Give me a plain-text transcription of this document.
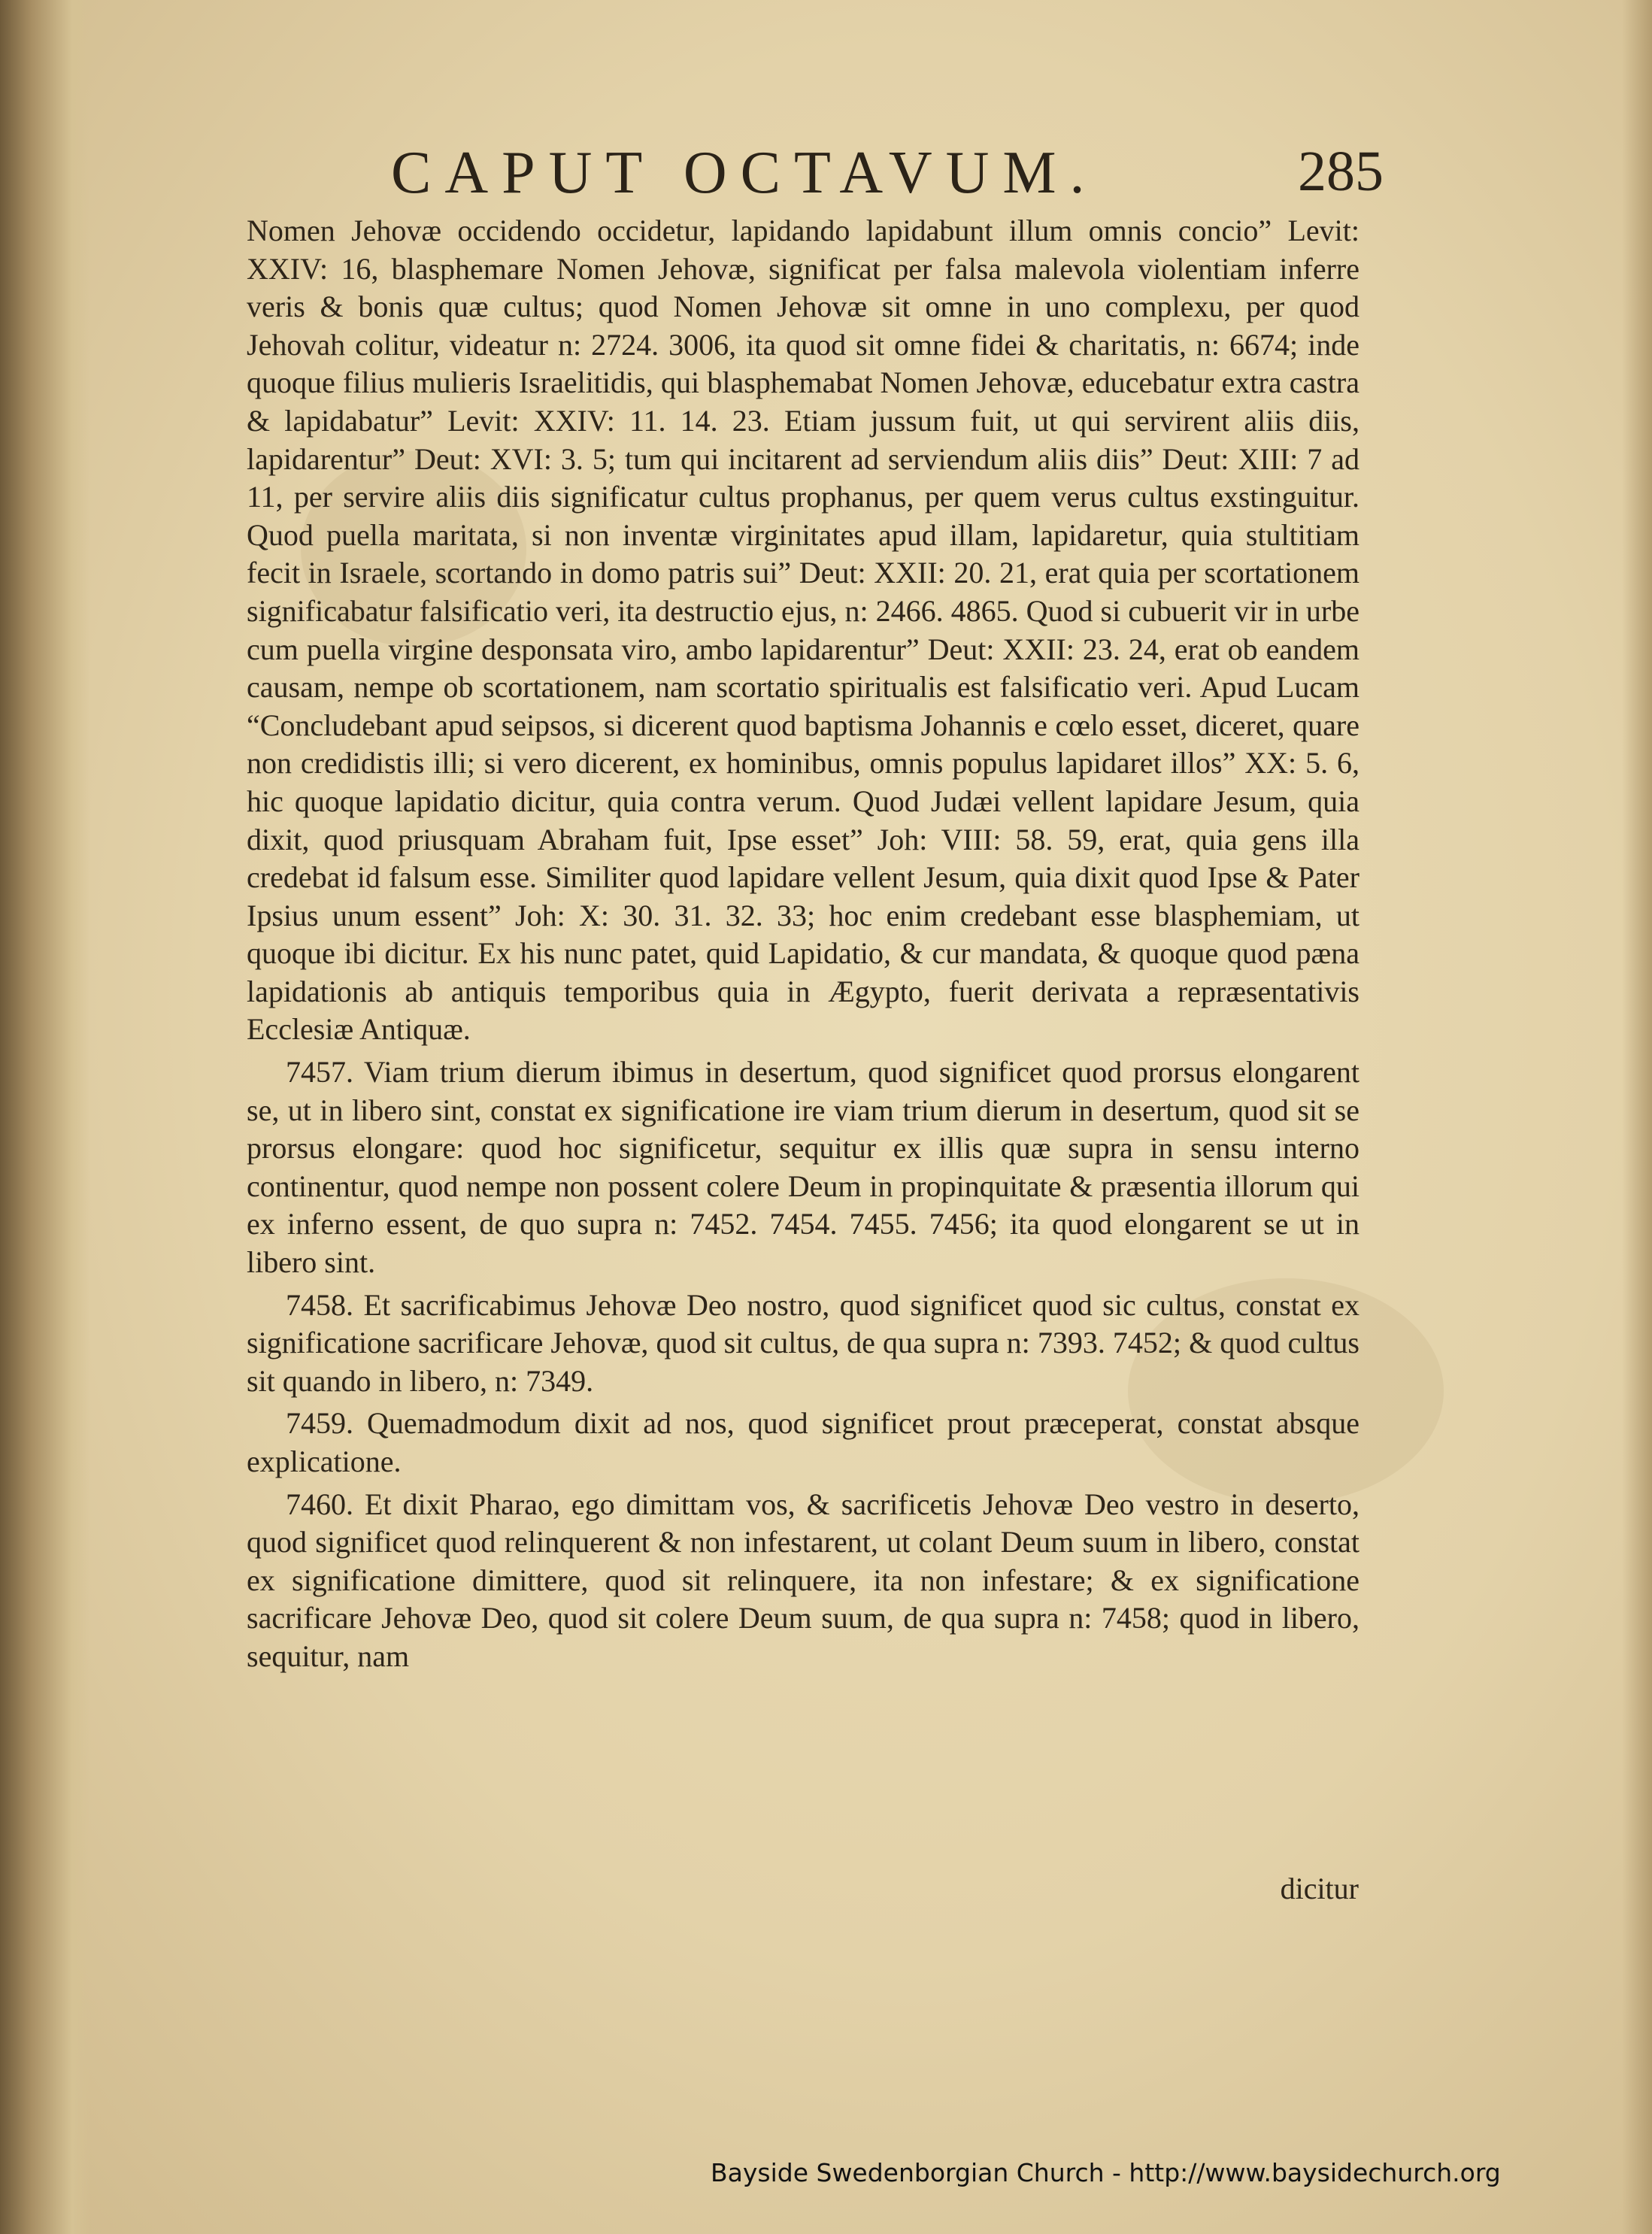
CAPUT OCTAVUM.	285

Nomen Jehovæ occidendo occidetur, lapidando lapidabunt illum omnis concio” Levit: XXIV: 16, blasphemare Nomen Jehovæ, significat per falsa malevola violentiam inferre veris & bonis quæ cultus; quod Nomen Jehovæ sit omne in uno complexu, per quod Jehovah colitur, videatur n: 2724. 3006, ita quod sit omne fidei & charitatis, n: 6674; inde quoque filius mulieris Israelitidis, qui blasphemabat Nomen Jehovæ, educebatur extra castra & lapidabatur” Levit: XXIV: 11. 14. 23. Etiam jussum fuit, ut qui servirent aliis diis, lapidarentur” Deut: XVI: 3. 5; tum qui incitarent ad serviendum aliis diis” Deut: XIII: 7 ad 11, per servire aliis diis significatur cultus prophanus, per quem verus cultus exstinguitur. Quod puella maritata, si non inventæ virginitates apud illam, lapidaretur, quia stultitiam fecit in Israele, scortando in domo patris sui” Deut: XXII: 20. 21, erat quia per scortationem significabatur falsificatio veri, ita destructio ejus, n: 2466. 4865. Quod si cubuerit vir in urbe cum puella virgine desponsata viro, ambo lapidarentur” Deut: XXII: 23. 24, erat ob eandem causam, nempe ob scortationem, nam scortatio spiritualis est falsificatio veri. Apud Lucam “Concludebant apud seipsos, si dicerent quod baptisma Johannis e cœlo esset, diceret, quare non credidistis illi; si vero dicerent, ex hominibus, omnis populus lapidaret illos” XX: 5. 6, hic quoque lapidatio dicitur, quia contra verum. Quod Judæi vellent lapidare Jesum, quia dixit, quod priusquam Abraham fuit, Ipse esset” Joh: VIII: 58. 59, erat, quia gens illa credebat id falsum esse. Similiter quod lapidare vellent Jesum, quia dixit quod Ipse & Pater Ipsius unum essent” Joh: X: 30. 31. 32. 33; hoc enim credebant esse blasphemiam, ut quoque ibi dicitur. Ex his nunc patet, quid Lapidatio, & cur mandata, & quoque quod pæna lapidationis ab antiquis temporibus quia in Ægypto, fuerit derivata a repræsentativis Ecclesiæ Antiquæ.

7457. Viam trium dierum ibimus in desertum, quod significet quod prorsus elongarent se, ut in libero sint, constat ex significatione ire viam trium dierum in desertum, quod sit se prorsus elongare: quod hoc significetur, sequitur ex illis quæ supra in sensu interno continentur, quod nempe non possent colere Deum in propinquitate & præsentia illorum qui ex inferno essent, de quo supra n: 7452. 7454. 7455. 7456; ita quod elongarent se ut in libero sint.

7458. Et sacrificabimus Jehovæ Deo nostro, quod significet quod sic cultus, constat ex significatione sacrificare Jehovæ, quod sit cultus, de qua supra n: 7393. 7452; & quod cultus sit quando in libero, n: 7349.

7459. Quemadmodum dixit ad nos, quod significet prout præceperat, constat absque explicatione.

7460. Et dixit Pharao, ego dimittam vos, & sacrificetis Jehovæ Deo vestro in deserto, quod significet quod relinquerent & non infestarent, ut colant Deum suum in libero, constat ex significatione dimittere, quod sit relinquere, ita non infestare; & ex significatione sacrificare Jehovæ Deo, quod sit colere Deum suum, de qua supra n: 7458; quod in libero, sequitur, nam

dicitur
Bayside Swedenborgian Church - http://www.baysidechurch.org
